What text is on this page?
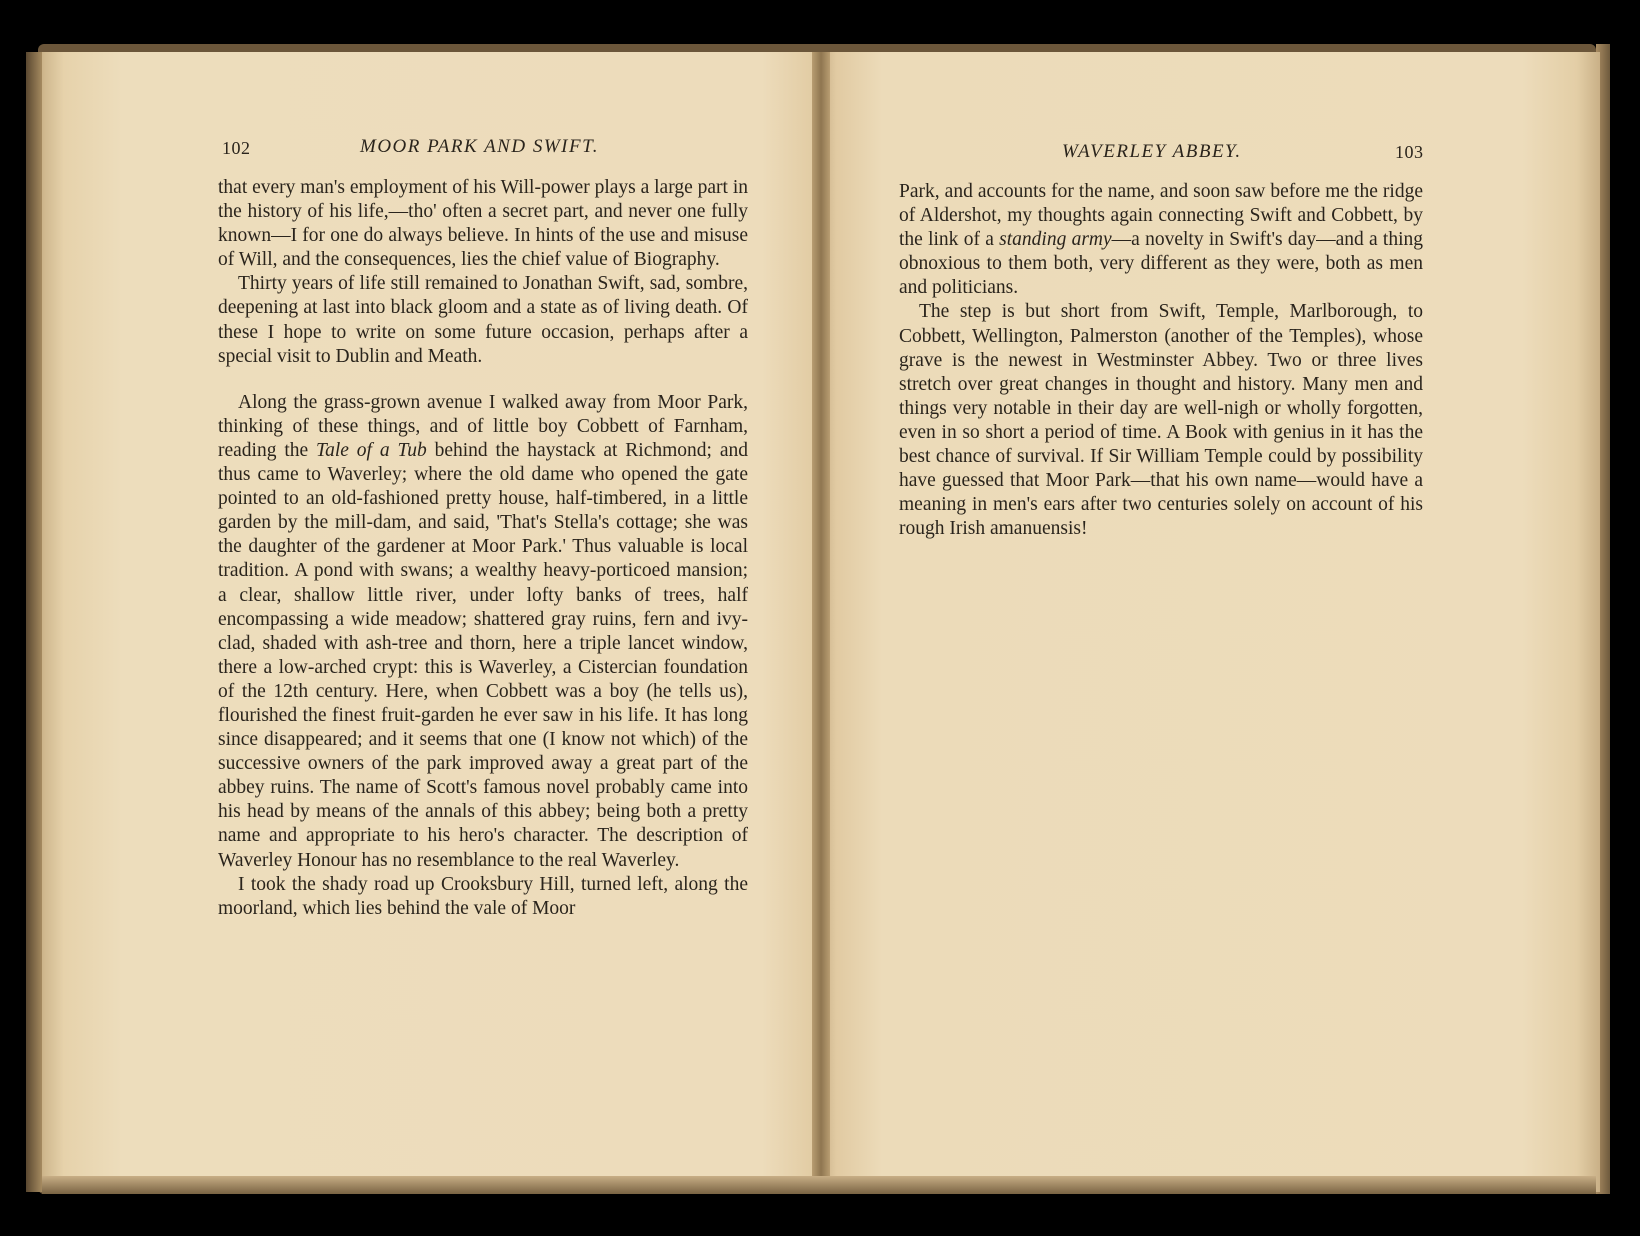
102	MOOR PARK AND SWIFT.	WAVERLEY ABBEY.	103

that every man's employment of his Will-power plays a large part in the history of his life,—tho' often a secret part, and never one fully known—I for one do always believe. In hints of the use and misuse of Will, and the consequences, lies the chief value of Biography.

Thirty years of life still remained to Jonathan Swift, sad, sombre, deepening at last into black gloom and a state as of living death. Of these I hope to write on some future occasion, perhaps after a special visit to Dublin and Meath.

Along the grass-grown avenue I walked away from Moor Park, thinking of these things, and of little boy Cobbett of Farnham, reading the Tale of a Tub behind the haystack at Richmond; and thus came to Waverley; where the old dame who opened the gate pointed to an old-fashioned pretty house, half-timbered, in a little garden by the mill-dam, and said, 'That's Stella's cottage; she was the daughter of the gardener at Moor Park.' Thus valuable is local tradition. A pond with swans; a wealthy heavy-porticoed mansion; a clear, shallow little river, under lofty banks of trees, half encompassing a wide meadow; shattered gray ruins, fern and ivy-clad, shaded with ash-tree and thorn, here a triple lancet window, there a low-arched crypt: this is Waverley, a Cistercian foundation of the 12th century. Here, when Cobbett was a boy (he tells us), flourished the finest fruit-garden he ever saw in his life. It has long since disappeared; and it seems that one (I know not which) of the successive owners of the park improved away a great part of the abbey ruins. The name of Scott's famous novel probably came into his head by means of the annals of this abbey; being both a pretty name and appropriate to his hero's character. The description of Waverley Honour has no resemblance to the real Waverley.

I took the shady road up Crooksbury Hill, turned left, along the moorland, which lies behind the vale of Moor

Park, and accounts for the name, and soon saw before me the ridge of Aldershot, my thoughts again connecting Swift and Cobbett, by the link of a standing army—a novelty in Swift's day—and a thing obnoxious to them both, very different as they were, both as men and politicians.

The step is but short from Swift, Temple, Marlborough, to Cobbett, Wellington, Palmerston (another of the Temples), whose grave is the newest in Westminster Abbey. Two or three lives stretch over great changes in thought and history. Many men and things very notable in their day are well-nigh or wholly forgotten, even in so short a period of time. A Book with genius in it has the best chance of survival. If Sir William Temple could by possibility have guessed that Moor Park—that his own name—would have a meaning in men's ears after two centuries solely on account of his rough Irish amanuensis!
